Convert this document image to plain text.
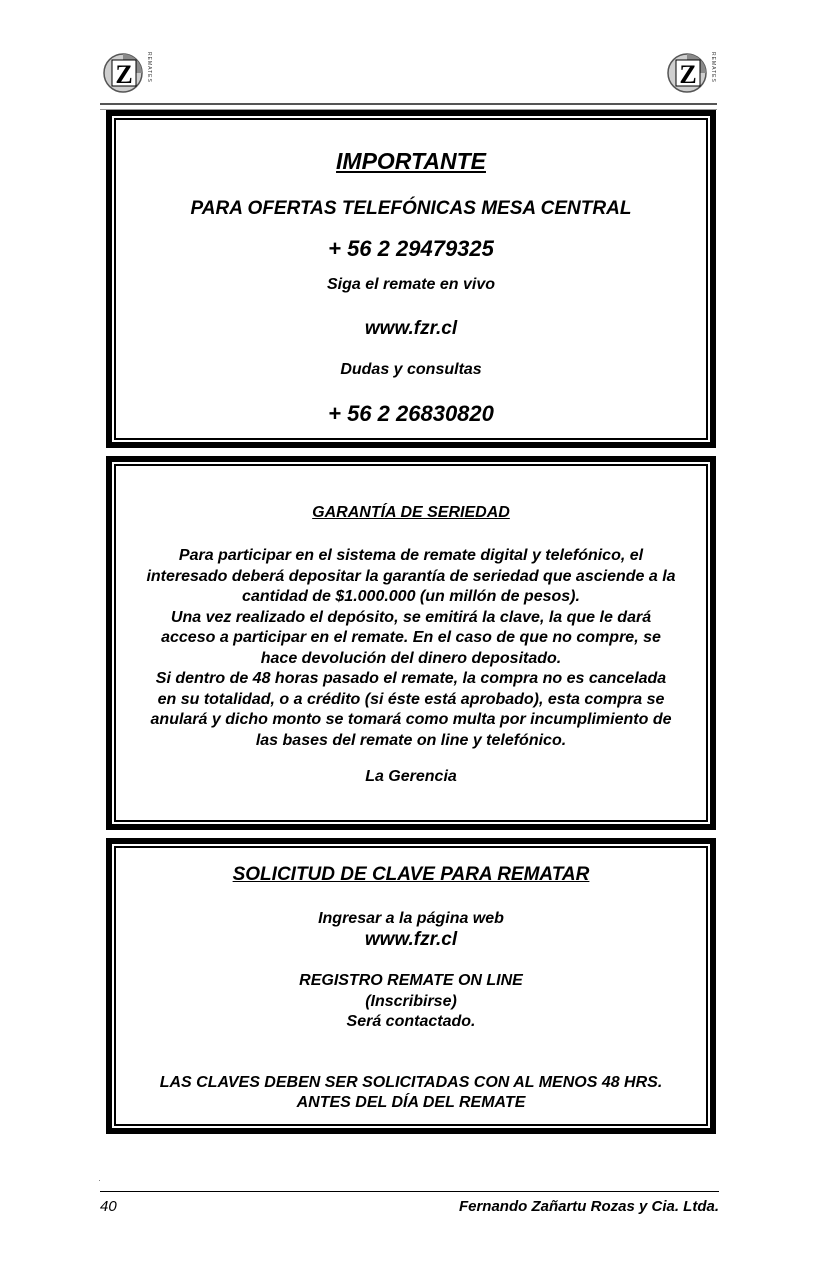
Z	REMATES	Z	REMATES
IMPORTANTE
PARA OFERTAS TELEFÓNICAS MESA CENTRAL
+ 56 2 29479325
Siga el remate en vivo
www.fzr.cl
Dudas y consultas
+ 56 2 26830820
GARANTÍA DE SERIEDAD
Para participar en el sistema de remate digital y telefónico, el
interesado deberá depositar la garantía de seriedad que asciende a la
cantidad de $1.000.000 (un millón de pesos).
Una vez realizado el depósito, se emitirá la clave, la que le dará
acceso a participar en el remate. En el caso de que no compre, se
hace devolución del dinero depositado.
Si dentro de 48 horas pasado el remate, la compra no es cancelada
en su totalidad, o a crédito (si éste está aprobado), esta compra se
anulará y dicho monto se tomará como multa por incumplimiento de
las bases del remate on line y telefónico.
La Gerencia
SOLICITUD DE CLAVE PARA REMATAR
Ingresar a la página web
www.fzr.cl
REGISTRO REMATE ON LINE
(Inscribirse)
Será contactado.
LAS CLAVES DEBEN SER SOLICITADAS CON AL MENOS 48 HRS.
ANTES DEL DÍA DEL REMATE
40	Fernando Zañartu Rozas y Cia. Ltda.
